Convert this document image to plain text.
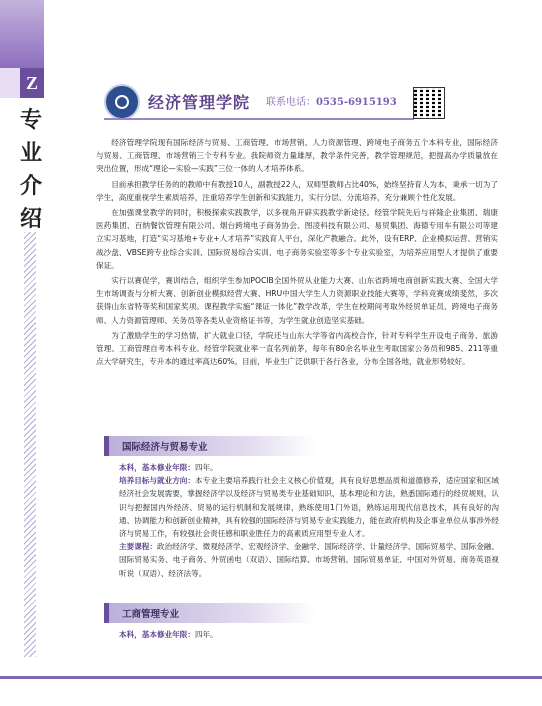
Z
专
业
介
绍
经济管理学院 联系电话：0535-6915193

经济管理学院现有国际经济与贸易、工商管理、市场营销、人力资源管理、跨境电子商务五个本科专业，国际经济与贸易、工商管理、市场营销三个专科专业。我院师资力量雄厚，教学条件完善，教学管理规范，把提高办学质量放在突出位置，形成“理论—实验—实践”三位一体的人才培养体系。

目前承担教学任务的的教师中有教授10人，副教授22人，双师型教师占比40%，始终坚持育人为本，秉承一切为了学生，高度重视学生素质培养，注重培养学生创新和实践能力，实行分层、分流培养，充分兼顾个性化发展。

在加强课堂教学的同时，积极探索实践教学，以多视角开辟实践教学新途径。经管学院先后与祥隆企业集团、瑞康医药集团、百纳餐饮管理有限公司、烟台跨境电子商务协会、图凌科技有限公司、易贸集团、海德专用车有限公司等建立实习基地，打造“实习基地+专业+人才培养”实践育人平台，深化产教融合。此外，设有ERP、企业模拟运营、营销实战沙盘、VBSE跨专业综合实训、国际贸易综合实训、电子商务实验室等多个专业实验室，为培养应用型人才提供了重要保证。

实行以赛促学，赛训结合，组织学生参加POCIB全国外贸从业能力大赛、山东省跨境电商创新实践大赛、全国大学生市场调查与分析大赛、创新创业模拟经营大赛、HRU中国大学生人力资源职业技能大赛等，学科竞赛成绩斐然，多次获得山东省特等奖和国家奖项。课程教学实施“课证一体化”教学改革，学生在校期间考取外经贸单证员、跨境电子商务师、人力资源管理师、关务员等各类从业资格证书等，为学生就业创造坚实基础。

为了激励学生的学习热情，扩大就业口径，学院还与山东大学等省内高校合作，针对专科学生开设电子商务、旅游管理、工商管理自考本科专业。经管学院就业率一直名列前茅，每年有80余名毕业生考取国家公务员和985、211等重点大学研究生，专升本的通过率高达60%。目前，毕业生广泛供职于各行各业，分布全国各地，就业形势较好。

国际经济与贸易专业

本科，基本修业年限：四年。

培养目标与就业方向：本专业主要培养践行社会主义核心价值观，具有良好思想品质和道德修养，适应国家和区域经济社会发展需要，掌握经济学以及经济与贸易类专业基础知识、基本理论和方法，熟悉国际通行的经贸规则，认识与把握国内外经济、贸易的运行机制和发展规律，熟练使用1门外语，熟练运用现代信息技术，具有良好的沟通、协调能力和创新创业精神，具有较强的国际经济与贸易专业实践能力，能在政府机构及企事业单位从事涉外经济与贸易工作，有较强社会责任感和职业胜任力的高素质应用型专业人才。

主要课程：政治经济学、微观经济学、宏观经济学、金融学、国际经济学、计量经济学、国际贸易学、国际金融、国际贸易实务、电子商务、外贸函电（双语）、国际结算、市场营销、国际贸易单证、中国对外贸易、商务英语视听说（双语）、经济法等。

工商管理专业

本科，基本修业年限：四年。
